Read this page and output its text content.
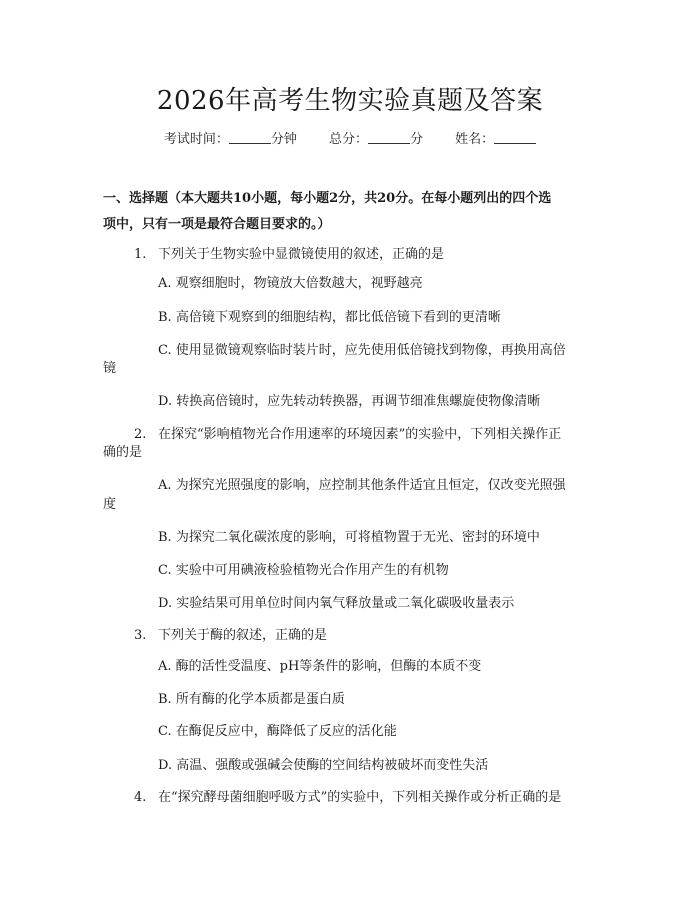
2026年高考生物实验真题及答案
考试时间：	分钟 总分：	分 姓名：
一、选择题（本大题共10小题，每小题2分，共20分。在每小题列出的四个选
项中，只有一项是最符合题目要求的。）
1. 下列关于生物实验中显微镜使用的叙述，正确的是
A. 观察细胞时，物镜放大倍数越大，视野越亮
B. 高倍镜下观察到的细胞结构，都比低倍镜下看到的更清晰
C. 使用显微镜观察临时装片时，应先使用低倍镜找到物像，再换用高倍
镜
D. 转换高倍镜时，应先转动转换器，再调节细准焦螺旋使物像清晰
2. 在探究“影响植物光合作用速率的环境因素”的实验中，下列相关操作正
确的是
A. 为探究光照强度的影响，应控制其他条件适宜且恒定，仅改变光照强
度
B. 为探究二氧化碳浓度的影响，可将植物置于无光、密封的环境中
C. 实验中可用碘液检验植物光合作用产生的有机物
D. 实验结果可用单位时间内氧气释放量或二氧化碳吸收量表示
3. 下列关于酶的叙述，正确的是
A. 酶的活性受温度、pH等条件的影响，但酶的本质不变
B. 所有酶的化学本质都是蛋白质
C. 在酶促反应中，酶降低了反应的活化能
D. 高温、强酸或强碱会使酶的空间结构被破坏而变性失活
4. 在“探究酵母菌细胞呼吸方式”的实验中，下列相关操作或分析正确的是
